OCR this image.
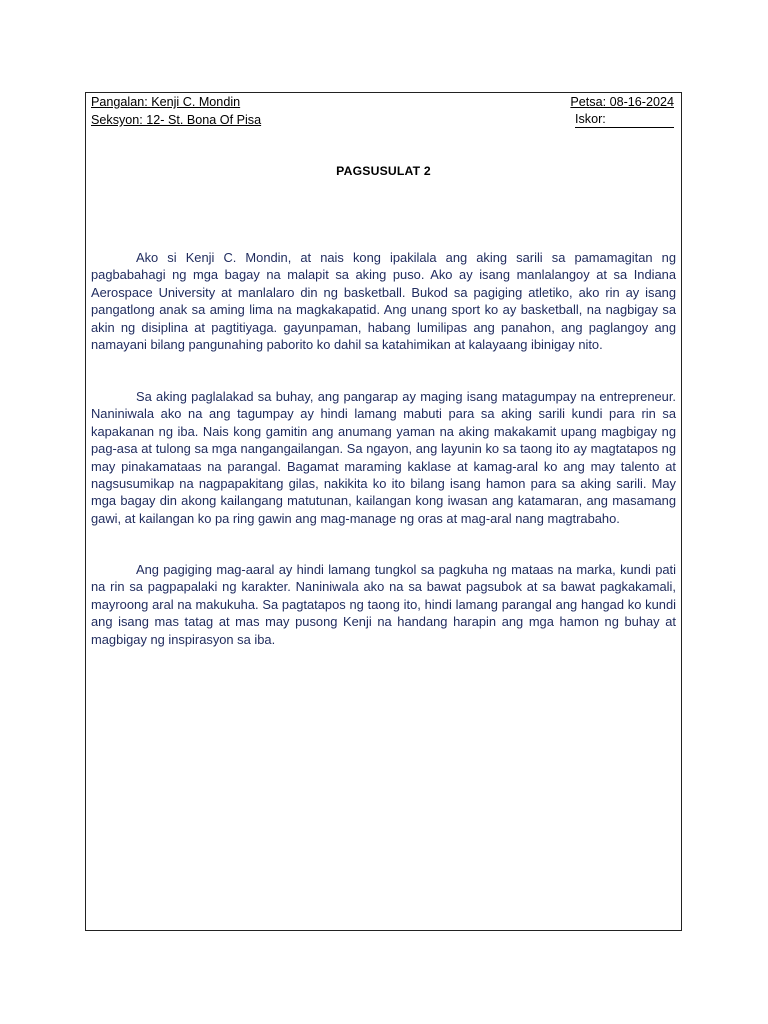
Pangalan: Kenji C. Mondin	Petsa: 08-16-2024
Seksyon: 12- St. Bona Of Pisa	Iskor:
PAGSUSULAT 2

Ako si Kenji C. Mondin, at nais kong ipakilala ang aking sarili sa pamamagitan ng pagbabahagi ng mga bagay na malapit sa aking puso. Ako ay isang manlalangoy at sa Indiana Aerospace University at manlalaro din ng basketball. Bukod sa pagiging atletiko, ako rin ay isang pangatlong anak sa aming lima na magkakapatid. Ang unang sport ko ay basketball, na nagbigay sa akin ng disiplina at pagtitiyaga. gayunpaman, habang lumilipas ang panahon, ang paglangoy ang namayani bilang pangunahing paborito ko dahil sa katahimikan at kalayaang ibinigay nito.

Sa aking paglalakad sa buhay, ang pangarap ay maging isang matagumpay na entrepreneur. Naniniwala ako na ang tagumpay ay hindi lamang mabuti para sa aking sarili kundi para rin sa kapakanan ng iba. Nais kong gamitin ang anumang yaman na aking makakamit upang magbigay ng pag-asa at tulong sa mga nangangailangan. Sa ngayon, ang layunin ko sa taong ito ay magtatapos ng may pinakamataas na parangal. Bagamat maraming kaklase at kamag-aral ko ang may talento at nagsusumikap na nagpapakitang gilas, nakikita ko ito bilang isang hamon para sa aking sarili. May mga bagay din akong kailangang matutunan, kailangan kong iwasan ang katamaran, ang masamang gawi, at kailangan ko pa ring gawin ang mag-manage ng oras at mag-aral nang magtrabaho.

Ang pagiging mag-aaral ay hindi lamang tungkol sa pagkuha ng mataas na marka, kundi pati na rin sa pagpapalaki ng karakter. Naniniwala ako na sa bawat pagsubok at sa bawat pagkakamali, mayroong aral na makukuha. Sa pagtatapos ng taong ito, hindi lamang parangal ang hangad ko kundi ang isang mas tatag at mas may pusong Kenji na handang harapin ang mga hamon ng buhay at magbigay ng inspirasyon sa iba.
